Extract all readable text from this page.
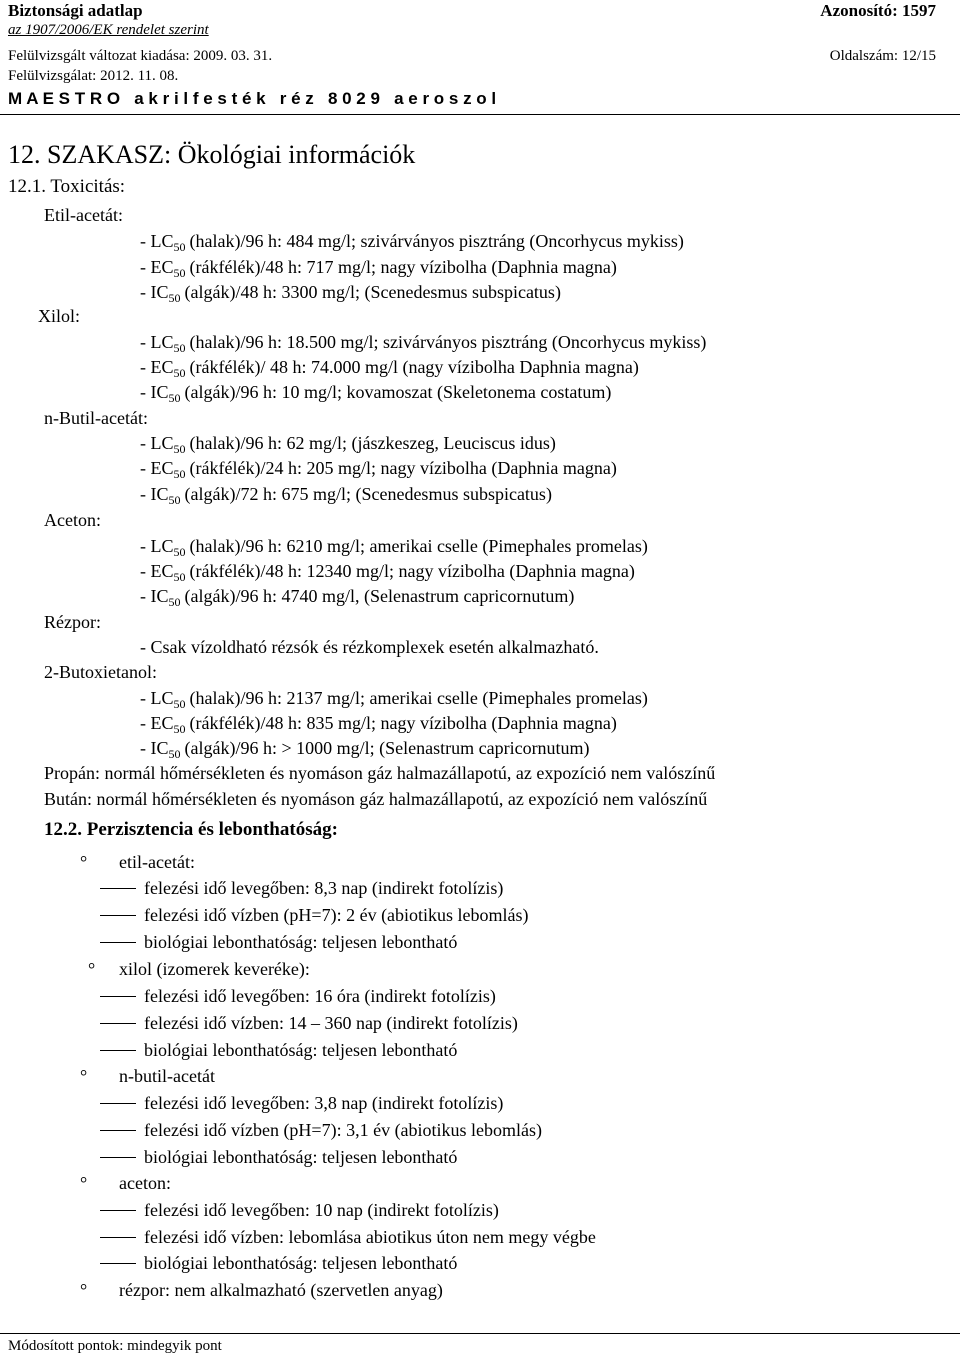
Biztonsági adatlap	Azonosító: 1597
az 1907/2006/EK rendelet szerint
Felülvizsgált változat kiadása: 2009. 03. 31.	Oldalszám: 12/15
Felülvizsgálat: 2012. 11. 08.
M A E S T R O   a k r i l f e s t é k   r é z   8 0 2 9   a e r o s z o l
12. SZAKASZ: Ökológiai információk
12.1. Toxicitás:
Etil-acetát:
- $LC_{50}$ (halak)/96 h: 484 mg/l; szivárványos pisztráng (Oncorhycus mykiss)
- $EC_{50}$ (rákfélék)/48 h: 717 mg/l; nagy vízibolha (Daphnia magna)
- $IC_{50}$ (algák)/48 h: 3300 mg/l; (Scenedesmus subspicatus)
Xilol:
- $LC_{50}$ (halak)/96 h: 18.500 mg/l; szivárványos pisztráng (Oncorhycus mykiss)
- $EC_{50}$ (rákfélék)/ 48 h: 74.000 mg/l (nagy vízibolha Daphnia magna)
- $IC_{50}$ (algák)/96 h: 10 mg/l; kovamoszat (Skeletonema costatum)
n-Butil-acetát:
- $LC_{50}$ (halak)/96 h: 62 mg/l; (jászkeszeg, Leuciscus idus)
- $EC_{50}$ (rákfélék)/24 h: 205 mg/l; nagy vízibolha (Daphnia magna)
- $IC_{50}$ (algák)/72 h: 675 mg/l; (Scenedesmus subspicatus)
Aceton:
- $LC_{50}$ (halak)/96 h: 6210 mg/l; amerikai cselle (Pimephales promelas)
- $EC_{50}$ (rákfélék)/48 h: 12340 mg/l; nagy vízibolha (Daphnia magna)
- $IC_{50}$ (algák)/96 h: 4740 mg/l, (Selenastrum capricornutum)
Rézpor:
- Csak vízoldható rézsók és rézkomplexek esetén alkalmazható.
2-Butoxietanol:
- $LC_{50}$ (halak)/96 h: 2137 mg/l; amerikai cselle (Pimephales promelas)
- $EC_{50}$ (rákfélék)/48 h: 835 mg/l; nagy vízibolha (Daphnia magna)
- $IC_{50}$ (algák)/96 h: > 1000 mg/l; (Selenastrum capricornutum)
Propán: normál hőmérsékleten és nyomáson gáz halmazállapotú, az expozíció nem valószínű
Bután: normál hőmérsékleten és nyomáson gáz halmazállapotú, az expozíció nem valószínű
12.2. Perzisztencia és lebonthatóság:
° etil-acetát:
felezési idő levegőben: 8,3 nap (indirekt fotolízis)
felezési idő vízben (pH=7): 2 év (abiotikus lebomlás)
biológiai lebonthatóság: teljesen lebontható
° xilol (izomerek keveréke):
felezési idő levegőben: 16 óra (indirekt fotolízis)
felezési idő vízben: 14 – 360 nap (indirekt fotolízis)
biológiai lebonthatóság: teljesen lebontható
° n-butil-acetát
felezési idő levegőben: 3,8 nap (indirekt fotolízis)
felezési idő vízben (pH=7): 3,1 év (abiotikus lebomlás)
biológiai lebonthatóság: teljesen lebontható
° aceton:
felezési idő levegőben: 10 nap (indirekt fotolízis)
felezési idő vízben: lebomlása abiotikus úton nem megy végbe
biológiai lebonthatóság: teljesen lebontható
° rézpor: nem alkalmazható (szervetlen anyag)
Módosított pontok: mindegyik pont
